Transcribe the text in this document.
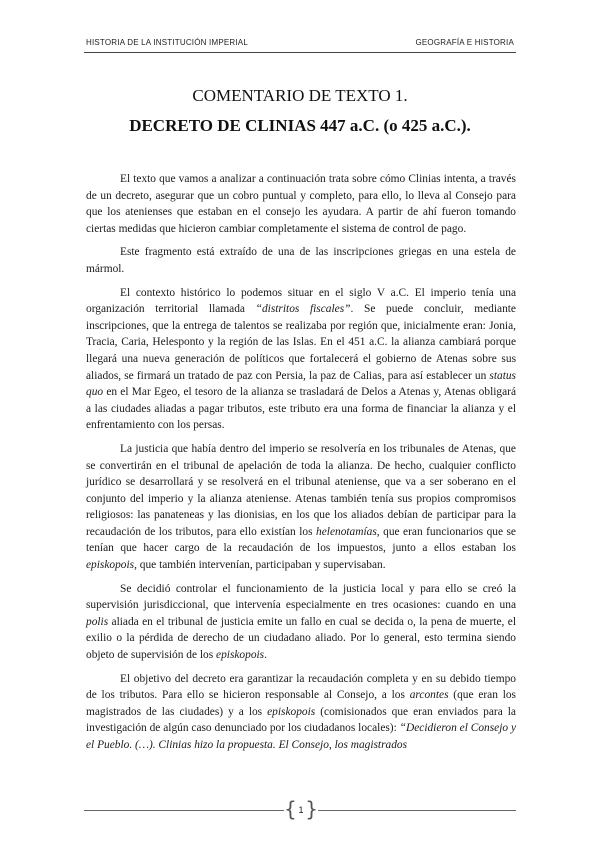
HISTORIA DE LA INSTITUCIÓN IMPERIAL	GEOGRAFÍA E HISTORIA
COMENTARIO DE TEXTO 1.
DECRETO DE CLINIAS 447 a.C. (o 425 a.C.).

El texto que vamos a analizar a continuación trata sobre cómo Clinias intenta, a través de un decreto, asegurar que un cobro puntual y completo, para ello, lo lleva al Consejo para que los atenienses que estaban en el consejo les ayudara. A partir de ahí fueron tomando ciertas medidas que hicieron cambiar completamente el sistema de control de pago.

Este fragmento está extraído de una de las inscripciones griegas en una estela de mármol.

El contexto histórico lo podemos situar en el siglo V a.C. El imperio tenía una organización territorial llamada “distritos fiscales”. Se puede concluir, mediante inscripciones, que la entrega de talentos se realizaba por región que, inicialmente eran: Jonia, Tracia, Caria, Helesponto y la región de las Islas. En el 451 a.C. la alianza cambiará porque llegará una nueva generación de políticos que fortalecerá el gobierno de Atenas sobre sus aliados, se firmará un tratado de paz con Persia, la paz de Calias, para así establecer un status quo en el Mar Egeo, el tesoro de la alianza se trasladará de Delos a Atenas y, Atenas obligará a las ciudades aliadas a pagar tributos, este tributo era una forma de financiar la alianza y el enfrentamiento con los persas.

La justicia que había dentro del imperio se resolvería en los tribunales de Atenas, que se convertirán en el tribunal de apelación de toda la alianza. De hecho, cualquier conflicto jurídico se desarrollará y se resolverá en el tribunal ateniense, que va a ser soberano en el conjunto del imperio y la alianza ateniense. Atenas también tenía sus propios compromisos religiosos: las panateneas y las dionisias, en los que los aliados debían de participar para la recaudación de los tributos, para ello existían los helenotamías, que eran funcionarios que se tenían que hacer cargo de la recaudación de los impuestos, junto a ellos estaban los episkopois, que también intervenían, participaban y supervisaban.

Se decidió controlar el funcionamiento de la justicia local y para ello se creó la supervisión jurisdiccional, que intervenía especialmente en tres ocasiones: cuando en una polis aliada en el tribunal de justicia emite un fallo en cual se decida o, la pena de muerte, el exilio o la pérdida de derecho de un ciudadano aliado. Por lo general, esto termina siendo objeto de supervisión de los episkopois.

El objetivo del decreto era garantizar la recaudación completa y en su debido tiempo de los tributos. Para ello se hicieron responsable al Consejo, a los arcontes (que eran los magistrados de las ciudades) y a los episkopois (comisionados que eran enviados para la investigación de algún caso denunciado por los ciudadanos locales): “Decidieron el Consejo y el Pueblo. (…). Clinias hizo la propuesta. El Consejo, los magistrados

{ 1 }
